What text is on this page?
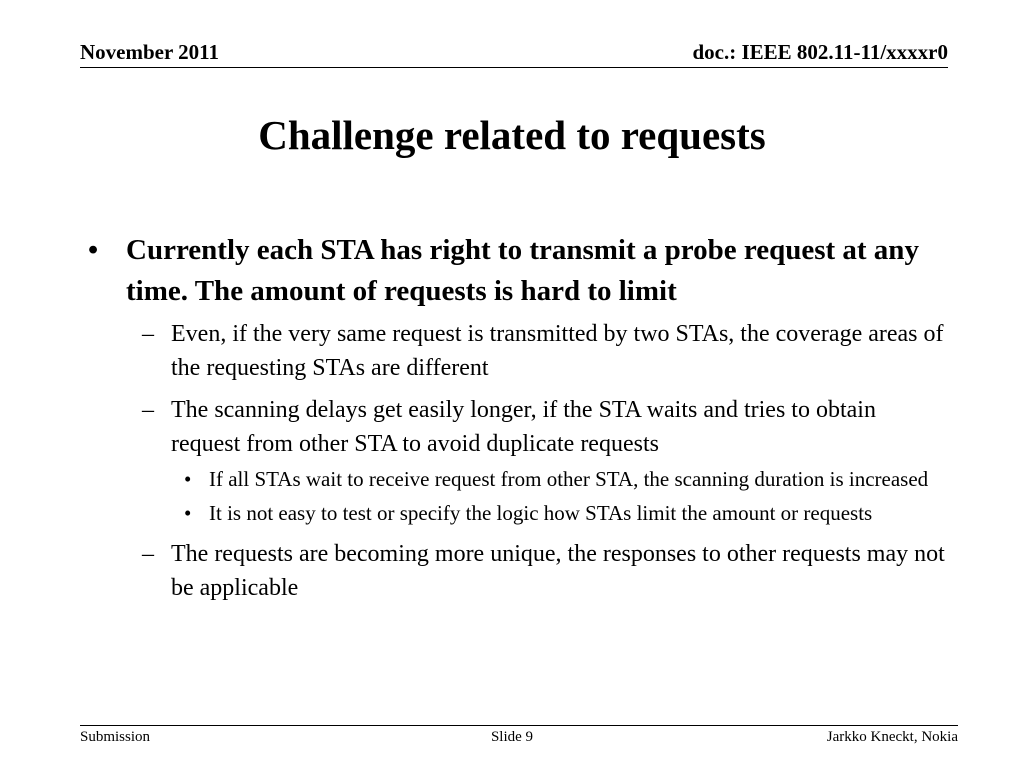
November 2011	doc.: IEEE 802.11-11/xxxxr0
Challenge related to requests
• Currently each STA has right to transmit a probe request at any time. The amount of requests is hard to limit
– Even, if the very same request is transmitted by two STAs, the coverage areas of the requesting STAs are different
– The scanning delays get easily longer, if the STA waits and tries to obtain request from other STA to avoid duplicate requests
• If all STAs wait to receive request from other STA, the scanning duration is increased
• It is not easy to test or specify the logic how STAs limit the amount or requests
– The requests are becoming more unique, the responses to other requests may not be applicable
Submission	Slide 9	Jarkko Kneckt, Nokia
